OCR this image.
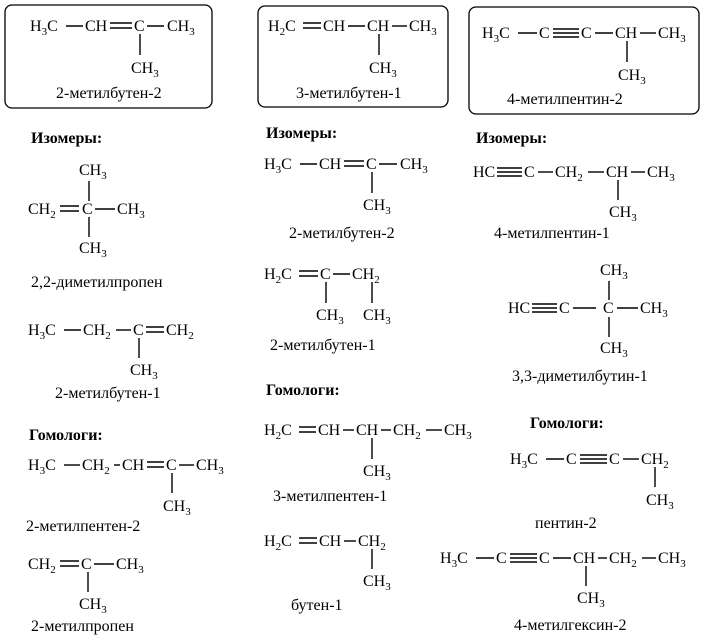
$H_3C$ CH C $CH_3$
$CH_3$
2-метилбутен-2
Изомеры:
$CH_3$
$CH_2$ C $CH_3$
$CH_3$
2,2-диметилпропен
$H_3C$ $CH_2$ C $CH_2$
$CH_3$
2-метилбутен-1
Гомологи:
$H_3C$ $CH_2$ CH C $CH_3$
$CH_3$
2-метилпентен-2
$CH_2$ C $CH_3$
$CH_3$
2-метилпропен
$H_2C$ CH CH $CH_3$
$CH_3$
3-метилбутен-1
Изомеры:
$H_3C$ CH C $CH_3$
$CH_3$
2-метилбутен-2
$H_2C$ C $CH_2$
$CH_3$ $CH_3$
2-метилбутен-1
Гомологи:
$H_2C$ CH CH $CH_2$ $CH_3$
$CH_3$
3-метилпентен-1
$H_2C$ CH $CH_2$
$CH_3$
бутен-1
$H_3C$ C C CH $CH_3$
$CH_3$
4-метилпентин-2
Изомеры:
HC C $CH_2$ CH $CH_3$
$CH_3$
4-метилпентин-1
$CH_3$
HC C C $CH_3$
$CH_3$
3,3-диметилбутин-1
Гомологи:
$H_3C$ C C $CH_2$
$CH_3$
пентин-2
$H_3C$ C C CH $CH_2$ $CH_3$
$CH_3$
4-метилгексин-2
